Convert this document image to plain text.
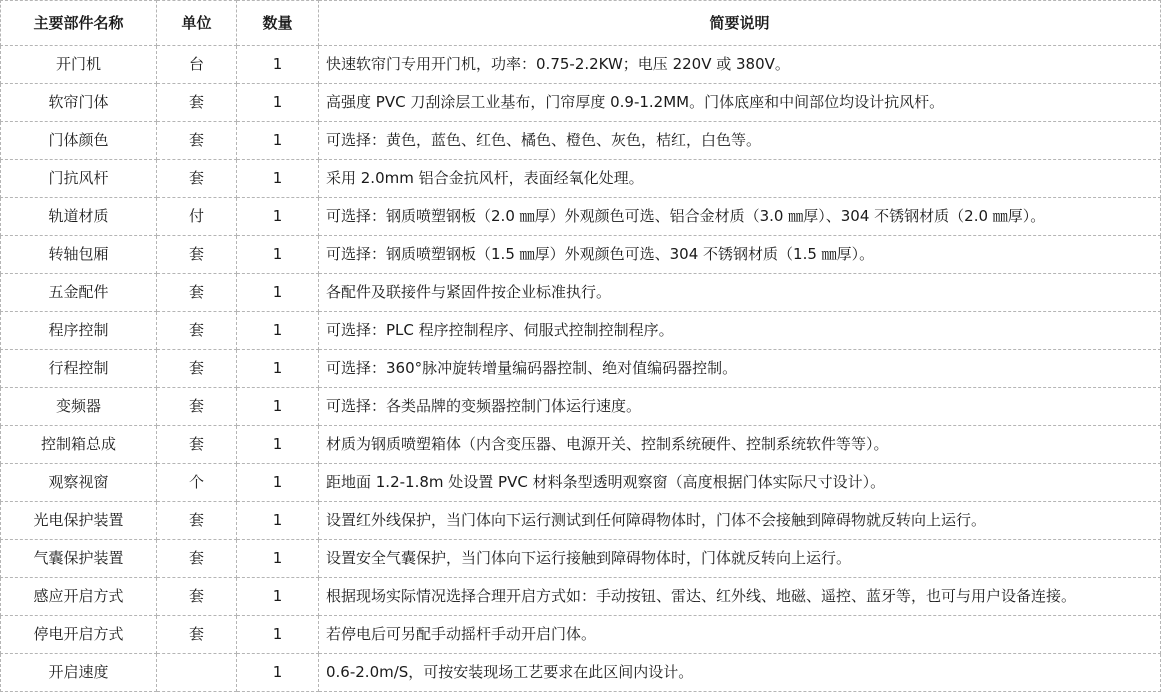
主要部件名称	单位	数量	简要说明
开门机	台	1	快速软帘门专用开门机，功率：0.75-2.2KW；电压 220V 或 380V。
软帘门体	套	1	高强度 PVC 刀刮涂层工业基布，门帘厚度 0.9-1.2MM。门体底座和中间部位均设计抗风杆。
门体颜色	套	1	可选择：黄色，蓝色、红色、橘色、橙色、灰色，桔红，白色等。
门抗风杆	套	1	采用 2.0mm 铝合金抗风杆，表面经氧化处理。
轨道材质	付	1	可选择：钢质喷塑钢板（2.0 ㎜厚）外观颜色可选、铝合金材质（3.0 ㎜厚）、304 不锈钢材质（2.0 ㎜厚）。
转轴包厢	套	1	可选择：钢质喷塑钢板（1.5 ㎜厚）外观颜色可选、304 不锈钢材质（1.5 ㎜厚）。
五金配件	套	1	各配件及联接件与紧固件按企业标准执行。
程序控制	套	1	可选择：PLC 程序控制程序、伺服式控制控制程序。
行程控制	套	1	可选择：360°脉冲旋转增量编码器控制、绝对值编码器控制。
变频器	套	1	可选择：各类品牌的变频器控制门体运行速度。
控制箱总成	套	1	材质为钢质喷塑箱体（内含变压器、电源开关、控制系统硬件、控制系统软件等等）。
观察视窗	个	1	距地面 1.2-1.8m 处设置 PVC 材料条型透明观察窗（高度根据门体实际尺寸设计）。
光电保护装置	套	1	设置红外线保护，当门体向下运行测试到任何障碍物体时，门体不会接触到障碍物就反转向上运行。
气囊保护装置	套	1	设置安全气囊保护，当门体向下运行接触到障碍物体时，门体就反转向上运行。
感应开启方式	套	1	根据现场实际情况选择合理开启方式如：手动按钮、雷达、红外线、地磁、遥控、蓝牙等，也可与用户设备连接。
停电开启方式	套	1	若停电后可另配手动摇杆手动开启门体。
开启速度		1	0.6-2.0m/S，可按安装现场工艺要求在此区间内设计。
